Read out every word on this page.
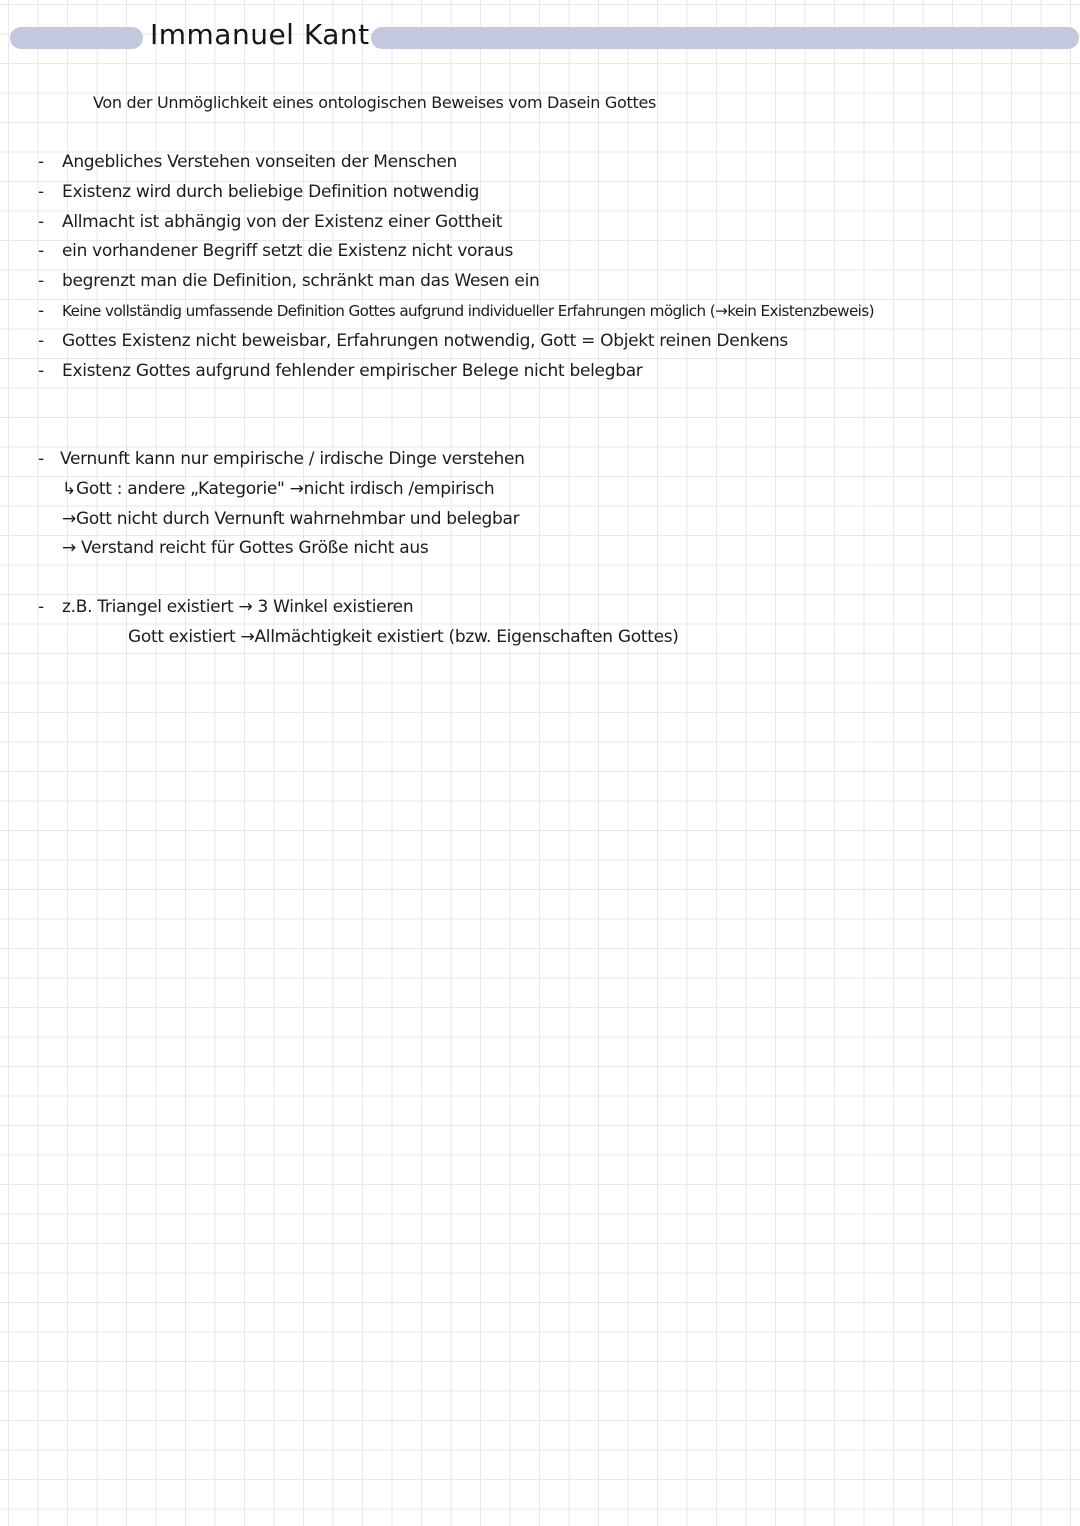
Immanuel Kant
Von der Unmöglichkeit eines ontologischen Beweises vom Dasein Gottes
- Angebliches Verstehen vonseiten der Menschen
- Existenz wird durch beliebige Definition notwendig
- Allmacht ist abhängig von der Existenz einer Gottheit
- ein vorhandener Begriff setzt die Existenz nicht voraus
- begrenzt man die Definition, schränkt man das Wesen ein
- Keine vollständig umfassende Definition Gottes aufgrund individueller Erfahrungen möglich (→kein Existenzbeweis)
- Gottes Existenz nicht beweisbar, Erfahrungen notwendig, Gott = Objekt reinen Denkens
- Existenz Gottes aufgrund fehlender empirischer Belege nicht belegbar
- Vernunft kann nur empirische / irdische Dinge verstehen
↳Gott : andere „Kategorie" →nicht irdisch /empirisch
→Gott nicht durch Vernunft wahrnehmbar und belegbar
→ Verstand reicht für Gottes Größe nicht aus
- z.B. Triangel existiert → 3 Winkel existieren
Gott existiert →Allmächtigkeit existiert (bzw. Eigenschaften Gottes)
